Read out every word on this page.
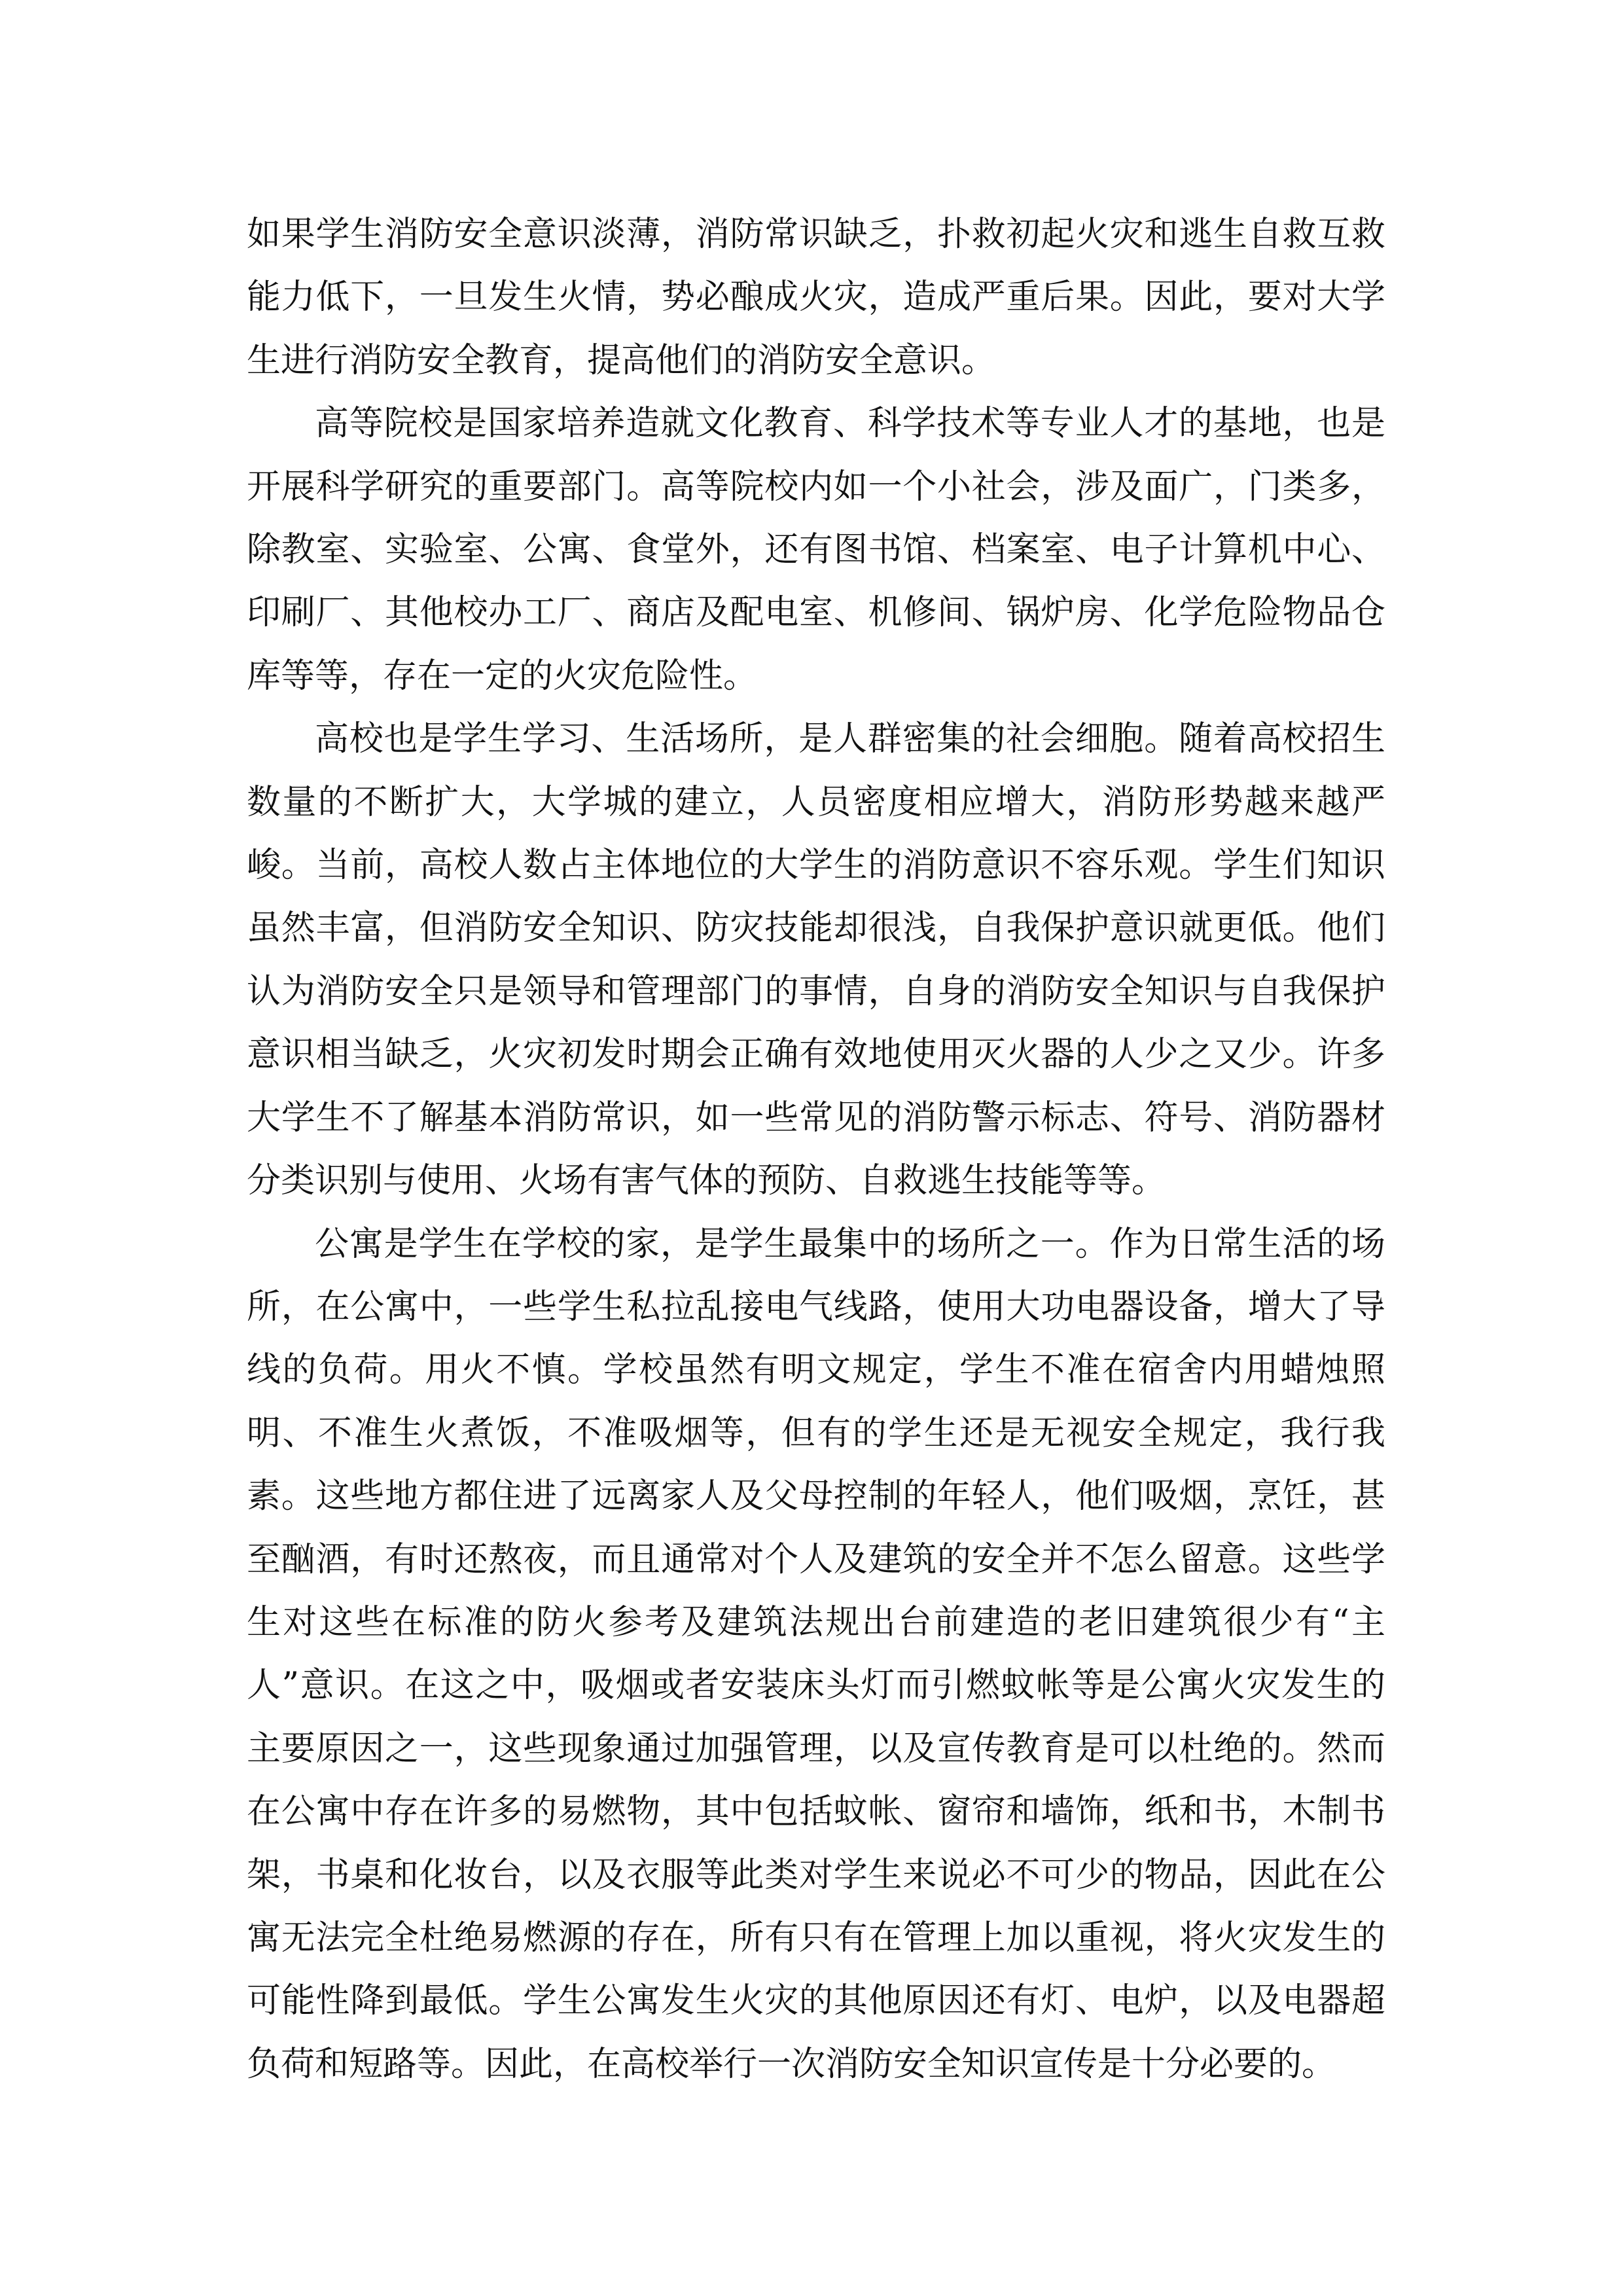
如果学生消防安全意识淡薄，消防常识缺乏，扑救初起火灾和逃生自救互救能力低下，一旦发生火情，势必酿成火灾，造成严重后果。因此，要对大学生进行消防安全教育，提高他们的消防安全意识。

高等院校是国家培养造就文化教育、科学技术等专业人才的基地，也是开展科学研究的重要部门。高等院校内如一个小社会，涉及面广，门类多，除教室、实验室、公寓、食堂外，还有图书馆、档案室、电子计算机中心、印刷厂、其他校办工厂、商店及配电室、机修间、锅炉房、化学危险物品仓库等等，存在一定的火灾危险性。

高校也是学生学习、生活场所，是人群密集的社会细胞。随着高校招生数量的不断扩大，大学城的建立，人员密度相应增大，消防形势越来越严峻。当前，高校人数占主体地位的大学生的消防意识不容乐观。学生们知识虽然丰富，但消防安全知识、防灾技能却很浅，自我保护意识就更低。他们认为消防安全只是领导和管理部门的事情，自身的消防安全知识与自我保护意识相当缺乏，火灾初发时期会正确有效地使用灭火器的人少之又少。许多大学生不了解基本消防常识，如一些常见的消防警示标志、符号、消防器材分类识别与使用、火场有害气体的预防、自救逃生技能等等。

公寓是学生在学校的家，是学生最集中的场所之一。作为日常生活的场所，在公寓中，一些学生私拉乱接电气线路，使用大功电器设备，增大了导线的负荷。用火不慎。学校虽然有明文规定，学生不准在宿舍内用蜡烛照明、不准生火煮饭，不准吸烟等，但有的学生还是无视安全规定，我行我素。这些地方都住进了远离家人及父母控制的年轻人，他们吸烟，烹饪，甚至酗酒，有时还熬夜，而且通常对个人及建筑的安全并不怎么留意。这些学生对这些在标准的防火参考及建筑法规出台前建造的老旧建筑很少有“主人”意识。在这之中，吸烟或者安装床头灯而引燃蚊帐等是公寓火灾发生的主要原因之一，这些现象通过加强管理，以及宣传教育是可以杜绝的。然而在公寓中存在许多的易燃物，其中包括蚊帐、窗帘和墙饰，纸和书，木制书架，书桌和化妆台，以及衣服等此类对学生来说必不可少的物品，因此在公寓无法完全杜绝易燃源的存在，所有只有在管理上加以重视，将火灾发生的可能性降到最低。学生公寓发生火灾的其他原因还有灯、电炉，以及电器超负荷和短路等。因此，在高校举行一次消防安全知识宣传是十分必要的。
